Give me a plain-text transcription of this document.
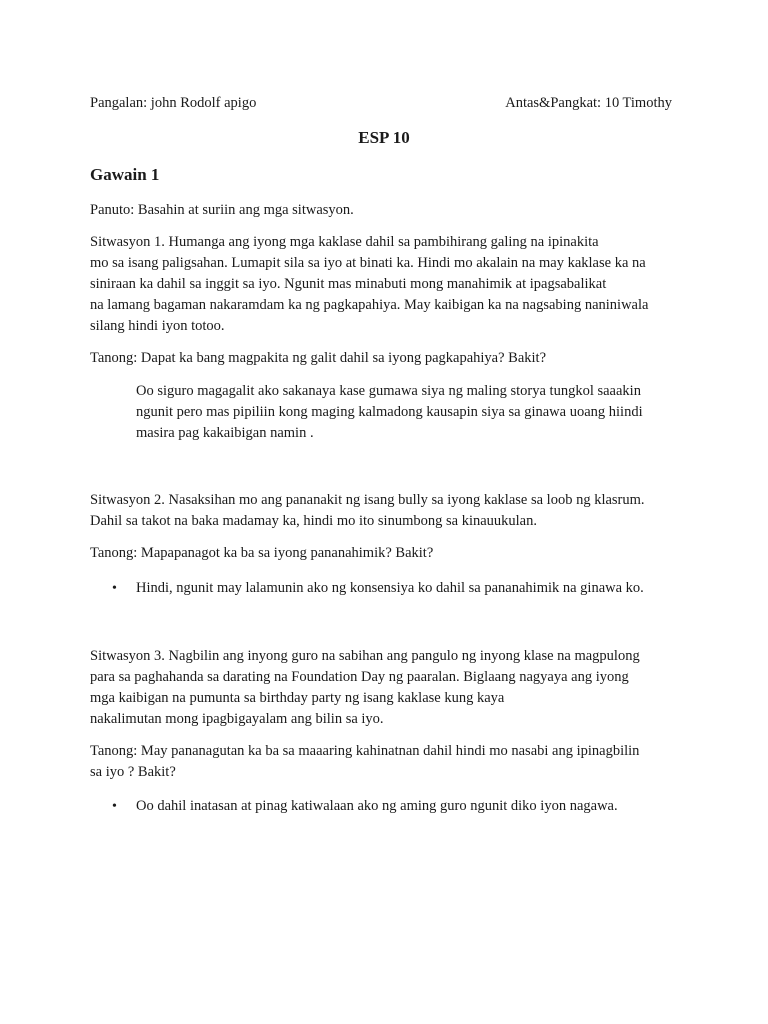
Pangalan: john Rodolf apigo	Antas&Pangkat: 10 Timothy
ESP 10
Gawain 1
Panuto: Basahin at suriin ang mga sitwasyon.
Sitwasyon 1. Humanga ang iyong mga kaklase dahil sa pambihirang galing na ipinakita
mo sa isang paligsahan. Lumapit sila sa iyo at binati ka. Hindi mo akalain na may kaklase ka na
siniraan ka dahil sa inggit sa iyo. Ngunit mas minabuti mong manahimik at ipagsabalikat
na lamang bagaman nakaramdam ka ng pagkapahiya. May kaibigan ka na nagsabing naniniwala
silang hindi iyon totoo.
Tanong: Dapat ka bang magpakita ng galit dahil sa iyong pagkapahiya? Bakit?

Oo siguro magagalit ako sakanaya kase gumawa siya ng maling storya tungkol saaakin

ngunit pero mas pipiliin kong maging kalmadong kausapin siya sa ginawa uoang hiindi

masira pag kakaibigan namin .

Sitwasyon 2. Nasaksihan mo ang pananakit ng isang bully sa iyong kaklase sa loob ng klasrum.
Dahil sa takot na baka madamay ka, hindi mo ito sinumbong sa kinauukulan.
Tanong: Mapapanagot ka ba sa iyong pananahimik? Bakit?
• Hindi, ngunit may lalamunin ako ng konsensiya ko dahil sa pananahimik na ginawa ko.
Sitwasyon 3. Nagbilin ang inyong guro na sabihan ang pangulo ng inyong klase na magpulong
para sa paghahanda sa darating na Foundation Day ng paaralan. Biglaang nagyaya ang iyong
mga kaibigan na pumunta sa birthday party ng isang kaklase kung kaya
nakalimutan mong ipagbigayalam ang bilin sa iyo.
Tanong: May pananagutan ka ba sa maaaring kahinatnan dahil hindi mo nasabi ang ipinagbilin
sa iyo ? Bakit?
• Oo dahil inatasan at pinag katiwalaan ako ng aming guro ngunit diko iyon nagawa.
